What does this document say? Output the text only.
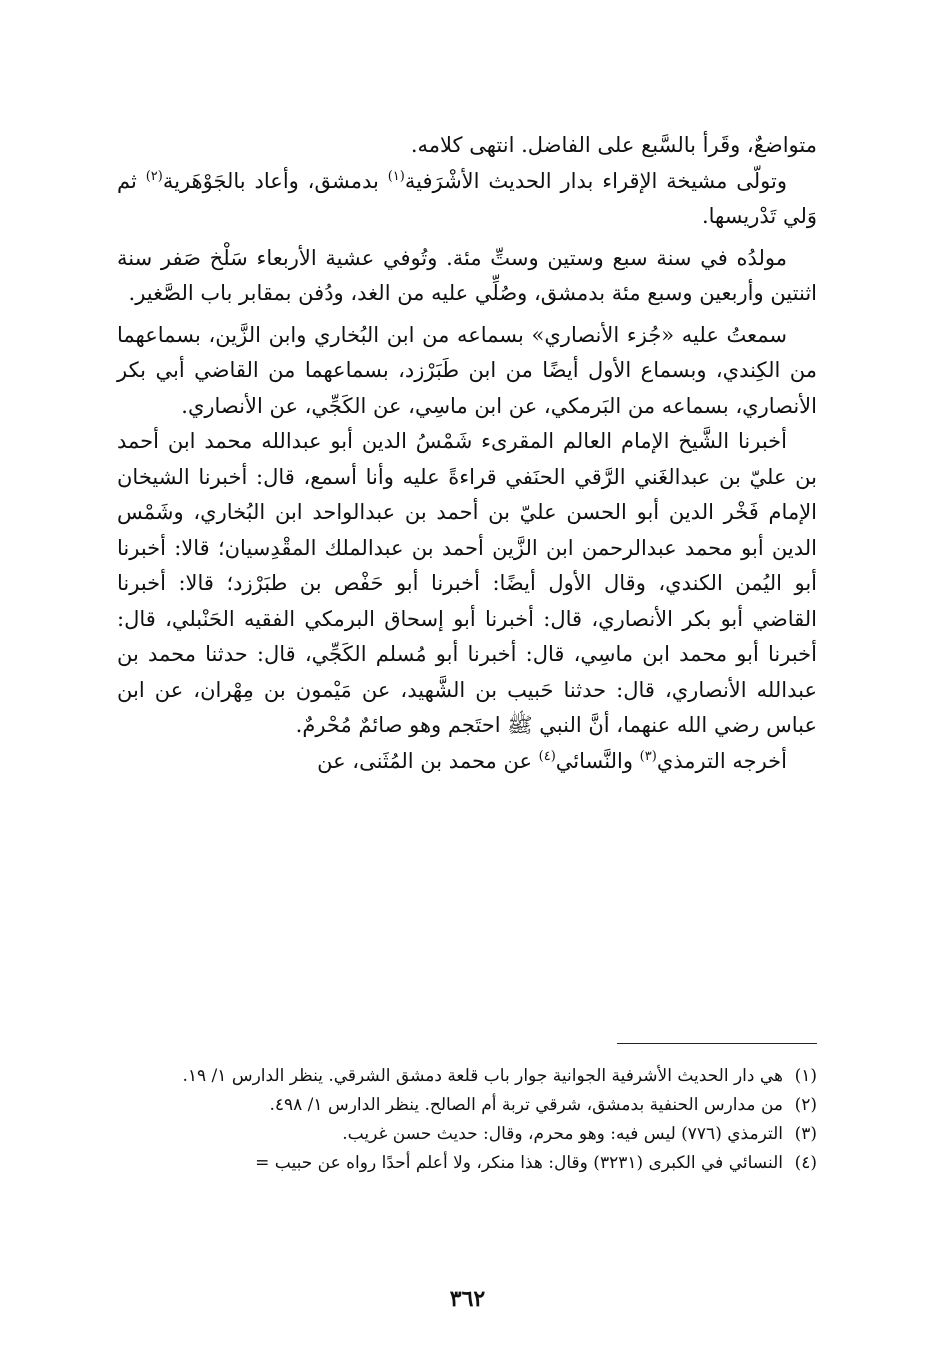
متواضعٌ، وقَرأ بالسَّبع على الفاضل. انتهى كلامه.

وتولّى مشيخة الإقراء بدار الحديث الأشْرَفية$^{(١)}$ بدمشق، وأعاد بالجَوْهَرية$^{(٢)}$ ثم وَلي تَدْريسها.

مولدُه في سنة سبع وستين وستِّ مئة. وتُوفي عشية الأربعاء سَلْخ صَفر سنة اثنتين وأربعين وسبع مئة بدمشق، وصُلِّي عليه من الغد، ودُفن بمقابر باب الصَّغير.

سمعتُ عليه «جُزء الأنصاري» بسماعه من ابن البُخاري وابن الزَّين، بسماعهما من الكِندي، وبسماع الأول أيضًا من ابن طَبَرْزد، بسماعهما من القاضي أبي بكر الأنصاري، بسماعه من البَرمكي، عن ابن ماسِي، عن الكَجِّي، عن الأنصاري.

أخبرنا الشَّيخ الإمام العالم المقرىء شَمْسُ الدين أبو عبدالله محمد ابن أحمد بن عليّ بن عبدالغَني الرَّقي الحنَفي قراءةً عليه وأنا أسمع، قال: أخبرنا الشيخان الإمام فَخْر الدين أبو الحسن عليّ بن أحمد بن عبدالواحد ابن البُخاري، وشَمْس الدين أبو محمد عبدالرحمن ابن الزَّين أحمد بن عبدالملك المقْدِسيان؛ قالا: أخبرنا أبو اليُمن الكندي، وقال الأول أيضًا: أخبرنا أبو حَفْص بن طبَرْزد؛ قالا: أخبرنا القاضي أبو بكر الأنصاري، قال: أخبرنا أبو إسحاق البرمكي الفقيه الحَنْبلي، قال: أخبرنا أبو محمد ابن ماسِي، قال: أخبرنا أبو مُسلم الكَجِّي، قال: حدثنا محمد بن عبدالله الأنصاري، قال: حدثنا حَبيب بن الشَّهيد، عن مَيْمون بن مِهْران، عن ابن عباس رضي الله عنهما، أنَّ النبي ﷺ احتَجم وهو صائمٌ مُحْرمٌ.

أخرجه الترمذي$^{(٣)}$ والنَّسائي$^{(٤)}$ عن محمد بن المُثَنى، عن

(١)
هي دار الحديث الأشرفية الجوانية جوار باب قلعة دمشق الشرقي. ينظر الدارس ١/ ١٩.
(٢)
من مدارس الحنفية بدمشق، شرقي تربة أم الصالح. ينظر الدارس ١/ ٤٩٨.
(٣)
الترمذي (٧٧٦) ليس فيه: وهو محرم، وقال: حديث حسن غريب.
(٤)
النسائي في الكبرى (٣٢٣١) وقال: هذا منكر، ولا أعلم أحدًا رواه عن حبيب =
٣٦٢
